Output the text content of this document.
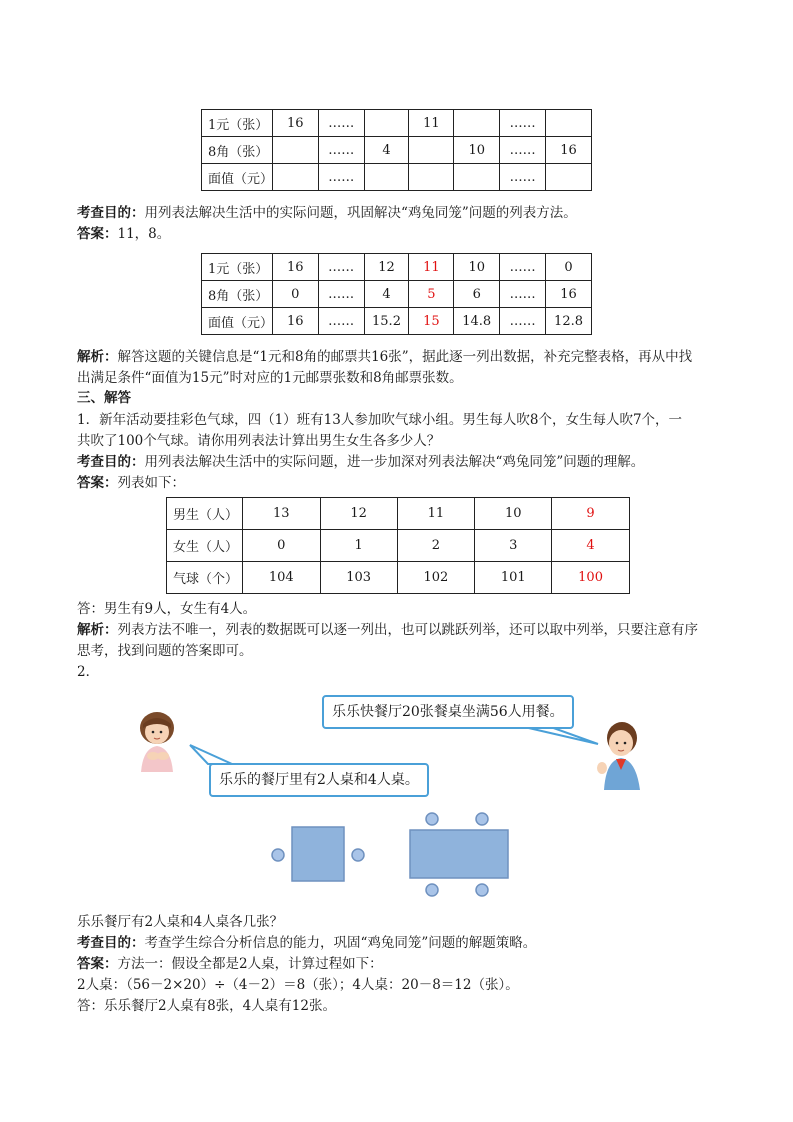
1元（张）	16	……		11		……	
8角（张）		……	4		10	……	16
面值（元）		……				……	
考查目的：用列表法解决生活中的实际问题，巩固解决“鸡兔同笼”问题的列表方法。
答案：11，8。
1元（张）	16	……	12	11	10	……	0
8角（张）	0	……	4	5	6	……	16
面值（元）	16	……	15.2	15	14.8	……	12.8
解析：解答这题的关键信息是“1元和8角的邮票共16张”，据此逐一列出数据，补充完整表格，再从中找
出满足条件“面值为15元”时对应的1元邮票张数和8角邮票张数。
三、解答
1．新年活动要挂彩色气球，四（1）班有13人参加吹气球小组。男生每人吹8个，女生每人吹7个，一
共吹了100个气球。请你用列表法计算出男生女生各多少人？
考查目的：用列表法解决生活中的实际问题，进一步加深对列表法解决“鸡兔同笼”问题的理解。
答案：列表如下：
男生（人）	13	12	11	10	9
女生（人）	0	1	2	3	4
气球（个）	104	103	102	101	100
答：男生有9人，女生有4人。
解析：列表方法不唯一，列表的数据既可以逐一列出，也可以跳跃列举，还可以取中列举，只要注意有序
思考，找到问题的答案即可。
2．
乐乐快餐厅20张餐桌坐满56人用餐。
乐乐的餐厅里有2人桌和4人桌。
乐乐餐厅有2人桌和4人桌各几张？
考查目的：考查学生综合分析信息的能力，巩固“鸡兔同笼”问题的解题策略。
答案：方法一：假设全都是2人桌，计算过程如下：
2人桌：（56－2×20）÷（4－2）＝8（张）；4人桌：20－8＝12（张）。
答：乐乐餐厅2人桌有8张，4人桌有12张。
